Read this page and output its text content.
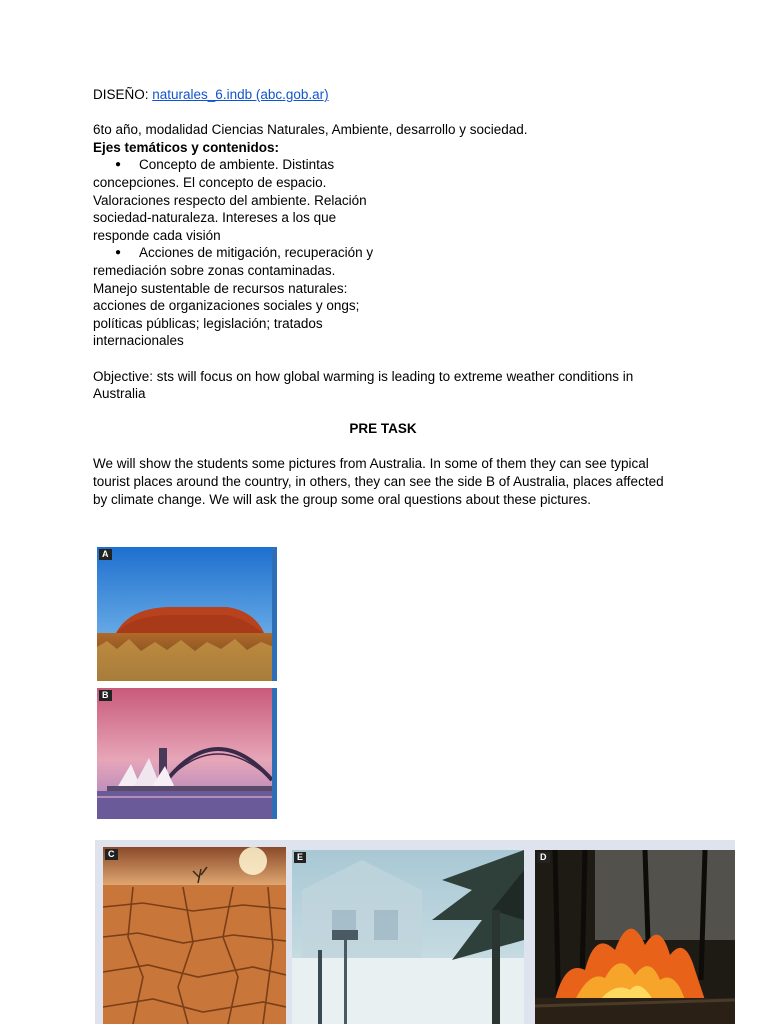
DISEÑO: naturales_6.indb (abc.gob.ar)

6to año, modalidad Ciencias Naturales, Ambiente, desarrollo y sociedad.

Ejes temáticos y contenidos:

● Concepto de ambiente. Distintas

concepciones. El concepto de espacio.

Valoraciones respecto del ambiente. Relación

sociedad-naturaleza. Intereses a los que

responde cada visión

● Acciones de mitigación, recuperación y

remediación sobre zonas contaminadas.

Manejo sustentable de recursos naturales:

acciones de organizaciones sociales y ongs;

políticas públicas; legislación; tratados

internacionales

Objective: sts will focus on how global warming is leading to extreme weather conditions in Australia

PRE TASK

We will show the students some pictures from Australia. In some of them they can see typical tourist places around the country, in others, they can see the side B of Australia, places affected by climate change. We will ask the group some oral questions about these pictures.

A
B
C	E	D
